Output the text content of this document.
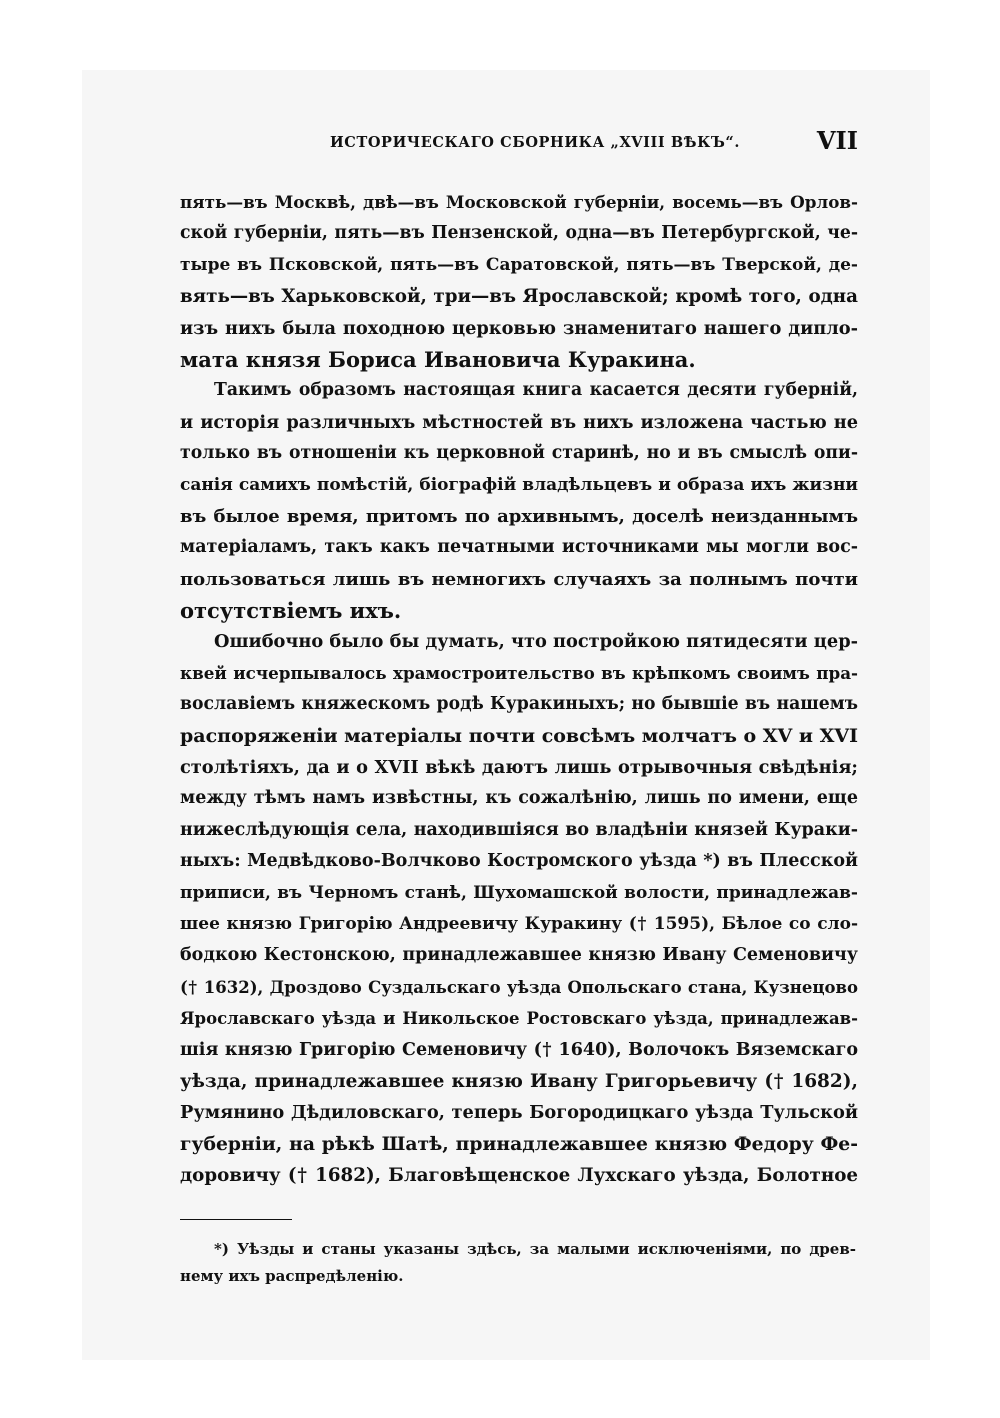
ИСТОРИЧЕСКАГО СБОРНИКА „XVIII ВѢКЪ“.	VII
пять—въ Москвѣ, двѣ—въ Московской губерніи, восемь—въ Орлов-
ской губерніи, пять—въ Пензенской, одна—въ Петербургской, че-
тыре въ Псковской, пять—въ Саратовской, пять—въ Тверской, де-
вять—въ Харьковской, три—въ Ярославской; кромѣ того, одна
изъ нихъ была походною церковью знаменитаго нашего дипло-
мата князя Бориса Ивановича Куракина.
Такимъ образомъ настоящая книга касается десяти губерній,
и исторія различныхъ мѣстностей въ нихъ изложена частью не
только въ отношеніи къ церковной старинѣ, но и въ смыслѣ опи-
санія самихъ помѣстій, біографій владѣльцевъ и образа ихъ жизни
въ былое время, притомъ по архивнымъ, доселѣ неизданнымъ
матеріаламъ, такъ какъ печатными источниками мы могли вос-
пользоваться лишь въ немногихъ случаяхъ за полнымъ почти
отсутствіемъ ихъ.
Ошибочно было бы думать, что постройкою пятидесяти цер-
квей исчерпывалось храмостроительство въ крѣпкомъ своимъ пра-
вославіемъ княжескомъ родѣ Куракиныхъ; но бывшіе въ нашемъ
распоряженіи матеріалы почти совсѣмъ молчатъ о XV и XVI
столѣтіяхъ, да и о XVII вѣкѣ даютъ лишь отрывочныя свѣдѣнія;
между тѣмъ намъ извѣстны, къ сожалѣнію, лишь по имени, еще
нижеслѣдующія села, находившіяся во владѣніи князей Кураки-
ныхъ: Медвѣдково-Волчково Костромского уѣзда *) въ Плесской
приписи, въ Черномъ станѣ, Шухомашской волости, принадлежав-
шее князю Григорію Андреевичу Куракину († 1595), Бѣлое со сло-
бодкою Кестонскою, принадлежавшее князю Ивану Семеновичу
(† 1632), Дроздово Суздальскаго уѣзда Опольскаго стана, Кузнецово
Ярославскаго уѣзда и Никольское Ростовскаго уѣзда, принадлежав-
шія князю Григорію Семеновичу († 1640), Волочокъ Вяземскаго
уѣзда, принадлежавшее князю Ивану Григорьевичу († 1682),
Румянино Дѣдиловскаго, теперь Богородицкаго уѣзда Тульской
губерніи, на рѣкѣ Шатѣ, принадлежавшее князю Федору Фе-
доровичу († 1682), Благовѣщенское Лухскаго уѣзда, Болотное
*) Уѣзды и станы указаны здѣсь, за малыми исключеніями, по древ-
нему ихъ распредѣленію.
